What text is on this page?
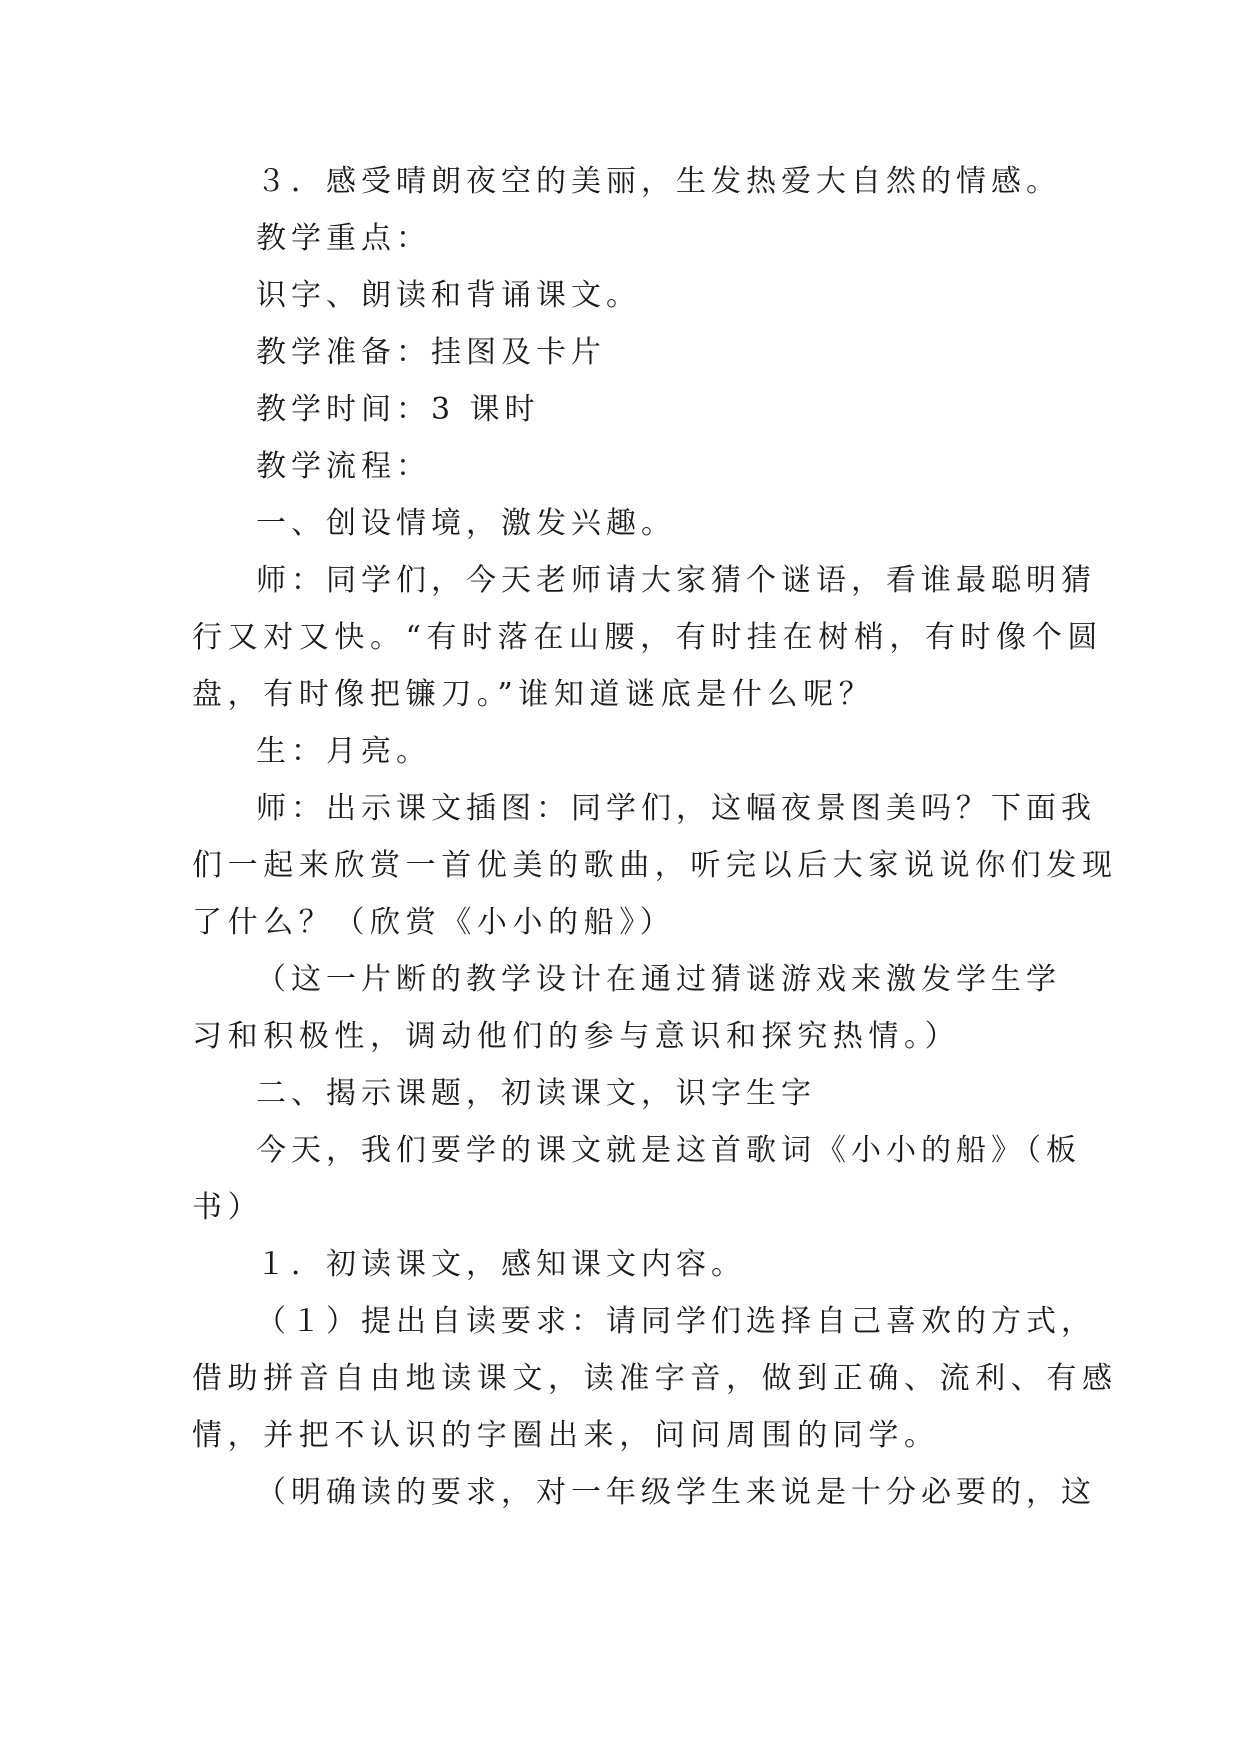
３．感受晴朗夜空的美丽，生发热爱大自然的情感。
教学重点：
识字、朗读和背诵课文。
教学准备：挂图及卡片
教学时间：3 课时
教学流程：
一、创设情境，激发兴趣。
师：同学们，今天老师请大家猜个谜语，看谁最聪明猜
行又对又快。“有时落在山腰，有时挂在树梢，有时像个圆
盘，有时像把镰刀。”谁知道谜底是什么呢？
生：月亮。
师：出示课文插图：同学们，这幅夜景图美吗？下面我
们一起来欣赏一首优美的歌曲，听完以后大家说说你们发现
了什么？（欣赏《小小的船》）
（这一片断的教学设计在通过猜谜游戏来激发学生学
习和积极性，调动他们的参与意识和探究热情。）
二、揭示课题，初读课文，识字生字
今天，我们要学的课文就是这首歌词《小小的船》（板
书）
１．初读课文，感知课文内容。
（１）提出自读要求：请同学们选择自己喜欢的方式，
借助拼音自由地读课文，读准字音，做到正确、流利、有感
情，并把不认识的字圈出来，问问周围的同学。
（明确读的要求，对一年级学生来说是十分必要的，这
